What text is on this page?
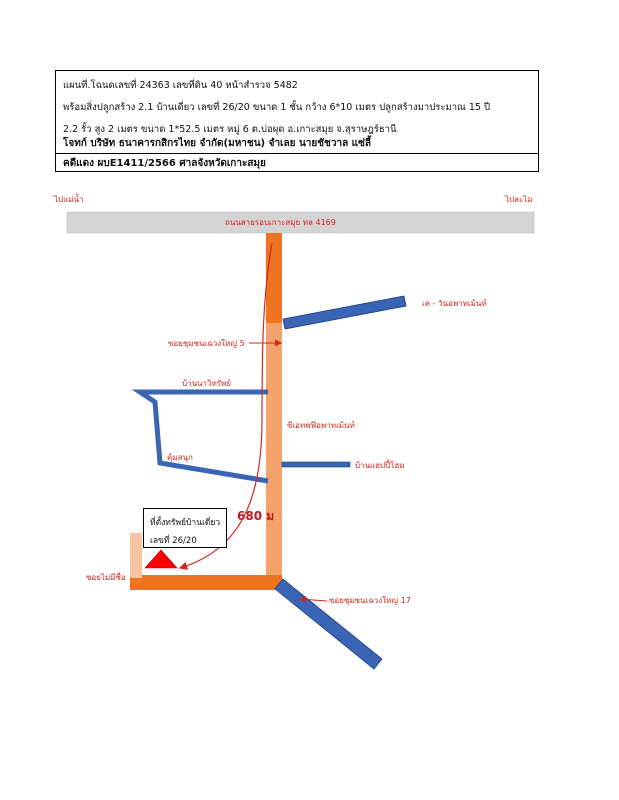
แผนที่.โฉนดเลขที่ 24363 เลขที่ดิน 40 หน้าสำรวจ 5482
พร้อมสิ่งปลูกสร้าง 2.1 บ้านเดี่ยว เลขที่ 26/20 ขนาด 1 ชั้น กว้าง 6*10 เมตร ปลูกสร้างมาประมาณ 15 ปี
2.2 รั้ว สูง 2 เมตร ขนาด 1*52.5 เมตร หมู่ 6 ต.บ่อผุด อ.เกาะสมุย จ.สุราษฎร์ธานี
โจทก์ บริษัท ธนาคารกสิกรไทย จำกัด(มหาชน) จำเลย นายชัชวาล แซ่ลี้
คดีแดง ผบE1411/2566 ศาลจังหวัดเกาะสมุย
ไปแม่น้ำ	ไปละไม
ถนนสายรอบเกาะสมุย ทล 4169
ซอยชุมชนเฉวงใหญ่ 5
เค - วันอพาทเม้นท์
บ้านนาวิทรัพย์
ซีเอทพฟีอพาทเม้นท์
คุ้มสนุก
บ้านแฮปปี้โฮม
ซอยไม่มีชื่อ
ซอยชุมชนเฉวงใหญ่ 17
ที่ตั้งทรัพย์บ้านเดี่ยว
เลขที่ 26/20
680 ม
